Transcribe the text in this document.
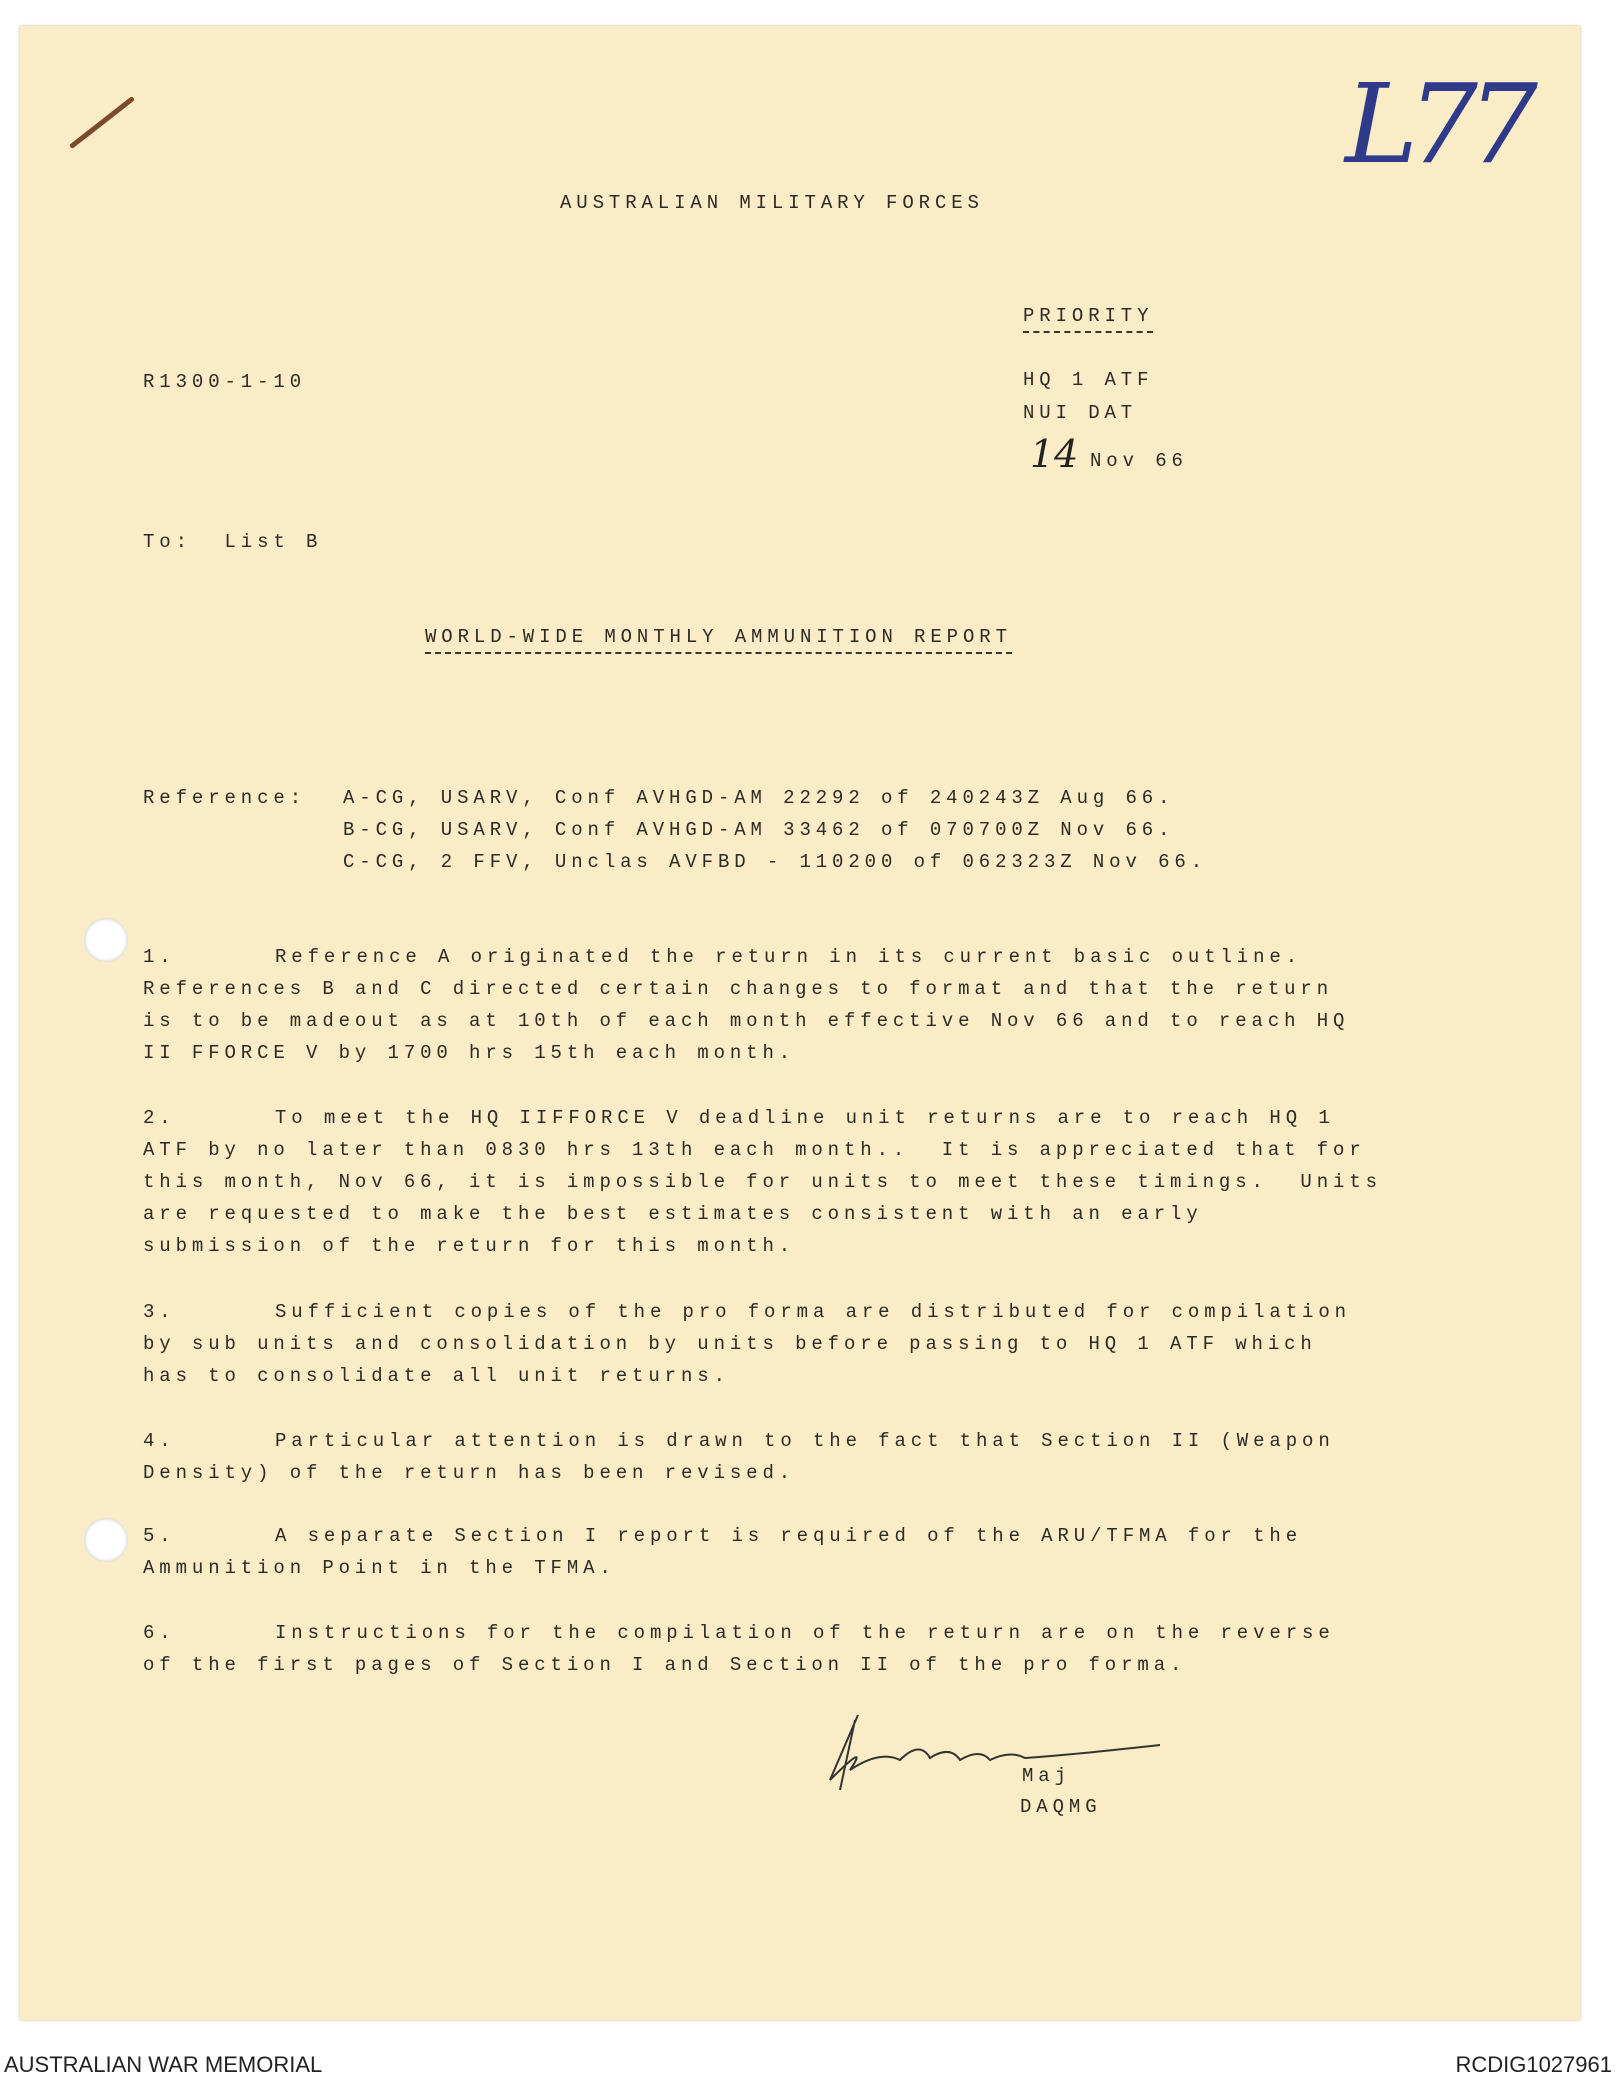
L77
AUSTRALIAN MILITARY FORCES
PRIORITY
R1300-1-10	HQ 1 ATF
NUI DAT
14 Nov 66
To:  List B
WORLD-WIDE MONTHLY AMMUNITION REPORT
Reference: A-CG, USARV, Conf AVHGD-AM 22292 of 240243Z Aug 66.
B-CG, USARV, Conf AVHGD-AM 33462 of 070700Z Nov 66.
C-CG, 2 FFV, Unclas AVFBD - 110200 of 062323Z Nov 66.
1.	Reference A originated the return in its current basic outline.
References B and C directed certain changes to format and that the return
is to be madeout as at 10th of each month effective Nov 66 and to reach HQ
II FFORCE V by 1700 hrs 15th each month.
2.	To meet the HQ IIFFORCE V deadline unit returns are to reach HQ 1
ATF by no later than 0830 hrs 13th each month..  It is appreciated that for
this month, Nov 66, it is impossible for units to meet these timings.  Units
are requested to make the best estimates consistent with an early
submission of the return for this month.
3.	Sufficient copies of the pro forma are distributed for compilation
by sub units and consolidation by units before passing to HQ 1 ATF which
has to consolidate all unit returns.
4.	Particular attention is drawn to the fact that Section II (Weapon
Density) of the return has been revised.
5.	A separate Section I report is required of the ARU/TFMA for the
Ammunition Point in the TFMA.
6.	Instructions for the compilation of the return are on the reverse
of the first pages of Section I and Section II of the pro forma.
Maj
DAQMG
AUSTRALIAN WAR MEMORIAL	RCDIG1027961
